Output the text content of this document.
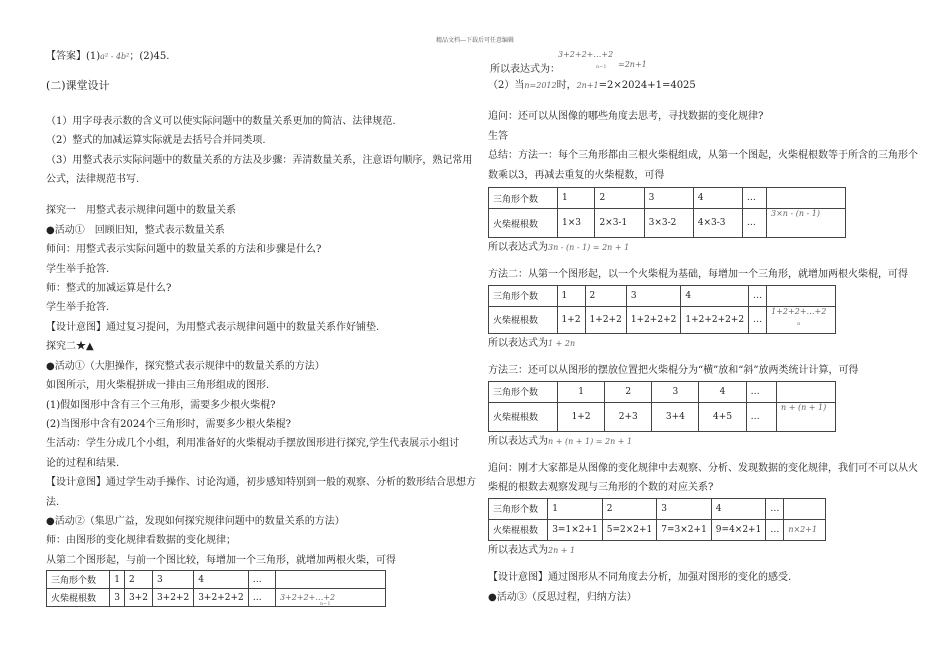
精品文档---下载后可任意编辑
【答案】(1)a² - 4b²；(2)45.
(二)课堂设计
（1）用字母表示数的含义可以使实际问题中的数量关系更加的简洁、法律规范.
（2）整式的加减运算实际就是去括号合并同类项.
（3）用整式表示实际问题中的数量关系的方法及步骤：弄清数量关系，注意语句顺序，熟记常用
公式，法律规范书写.
探究一　用整式表示规律问题中的数量关系
●活动①　回顾旧知，整式表示数量关系
师问：用整式表示实际问题中的数量关系的方法和步骤是什么?
学生举手抢答.
师：整式的加减运算是什么?
学生举手抢答.
【设计意图】通过复习提问，为用整式表示规律问题中的数量关系作好铺垫.
探究二★▲
●活动①（大胆操作，探究整式表示规律中的数量关系的方法）
如图所示，用火柴棍拼成一排由三角形组成的图形.
(1)假如图形中含有三个三角形，需要多少根火柴棍?
(2)当图形中含有2024个三角形时，需要多少根火柴棍?
生活动：学生分成几个小组，利用准备好的火柴棍动手摆放图形进行探究,学生代表展示小组讨
论的过程和结果.
【设计意图】通过学生动手操作、讨论沟通，初步感知特别到一般的观察、分析的数形结合思想方
法.
●活动②（集思广益，发现如何探究规律问题中的数量关系的方法）
师：由图形的变化规律看数据的变化规律；
从第二个图形起，与前一个图比较，每增加一个三角形，就增加两根火柴，可得
三角形个数	1	2	3	4	…	
火柴棍根数	3	3+2	3+2+2	3+2+2+2	…	3+2+2+…+2
n−1
所以表达式为：
3+2+2+…+2
n−1 =2n+1
（2）当n=2012时，2n+1=2×2024+1=4025
追问：还可以从图像的哪些角度去思考，寻找数据的变化规律?
生答
总结：方法一：每个三角形都由三根火柴棍组成，从第一个图起，火柴棍根数等于所含的三角形个
数乘以3，再减去重复的火柴棍数，可得
三角形个数	1	2	3	4	…	
火柴棍根数	1×3	2×3-1	3×3-2	4×3-3	…	3×n - (n - 1)
所以表达式为3n - (n - 1) = 2n + 1
方法二：从第一个图形起，以一个火柴棍为基础，每增加一个三角形，就增加两根火柴棍，可得
三角形个数	1	2	3	4	…	
火柴棍根数	1+2	1+2+2	1+2+2+2	1+2+2+2+2	…	1+2+2+…+2
n
所以表达式为1 + 2n
方法三：还可以从图形的摆放位置把火柴棍分为“横”放和“斜”放两类统计计算，可得
三角形个数	1	2	3	4	…	
火柴棍根数	1+2	2+3	3+4	4+5	…	n + (n + 1)
所以表达式为n + (n + 1) = 2n + 1
追问：刚才大家都是从图像的变化规律中去观察、分析、发现数据的变化规律，我们可不可以从火
柴棍的根数去观察发现与三角形的个数的对应关系?
三角形个数	1	2	3	4	…	
火柴棍根数	3=1×2+1	5=2×2+1	7=3×2+1	9=4×2+1	…	n×2+1
所以表达式为2n + 1
【设计意图】通过图形从不同角度去分析，加强对图形的变化的感受.
●活动③（反思过程，归纳方法）
